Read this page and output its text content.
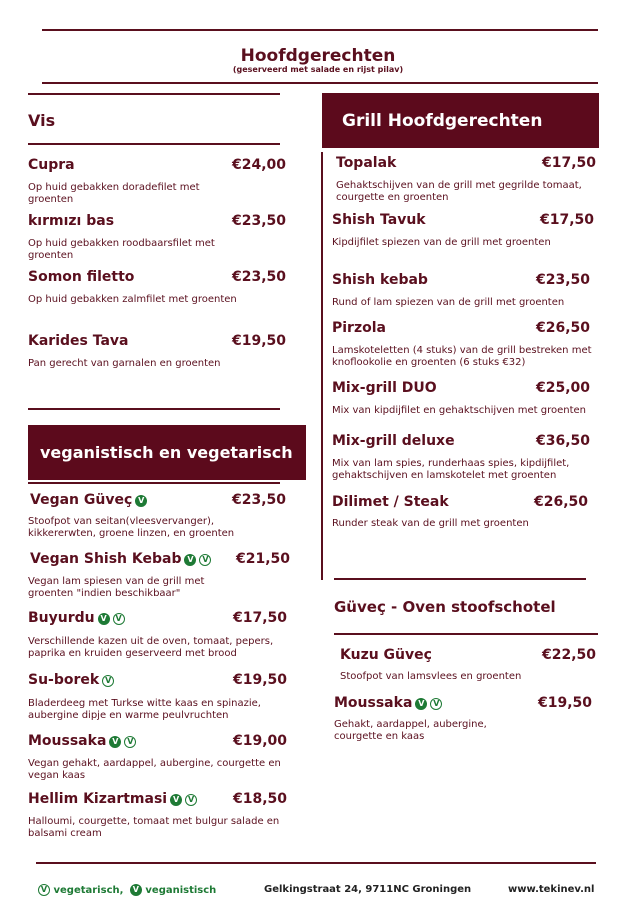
Hoofdgerechten
(geserveerd met salade en rijst pilav)
Vis
Cupra	€24,00
Op huid gebakken doradefilet met groenten
kırmızı bas	€23,50
Op huid gebakken roodbaarsfilet met groenten
Somon filetto	€23,50
Op huid gebakken zalmfilet met groenten
Karides Tava	€19,50
Pan gerecht van garnalen en groenten
Grill Hoofdgerechten
Topalak	€17,50
Gehaktschijven van de grill met gegrilde tomaat, courgette en groenten
Shish Tavuk	€17,50
Kipdijfilet spiezen van de grill met groenten
Shish kebab	€23,50
Rund of lam spiezen van de grill met groenten
Pirzola	€26,50
Lamskoteletten (4 stuks) van de grill bestreken met knoflookolie en groenten (6 stuks €32)
Mix-grill DUO	€25,00
Mix van kipdijfilet en gehaktschijven met groenten
Mix-grill deluxe	€36,50
Mix van lam spies, runderhaas spies, kipdijfilet, gehaktschijven en lamskotelet met groenten
Dilimet / Steak	€26,50
Runder steak van de grill met groenten
veganistisch en vegetarisch
Vegan Güveç V	€23,50
Stoofpot van seitan(vleesvervanger), kikkererwten, groene linzen, en groenten
Vegan Shish Kebab V V €21,50
Vegan lam spiesen van de grill met groenten "indien beschikbaar"
Buyurdu V V	€17,50
Verschillende kazen uit de oven, tomaat, pepers, paprika en kruiden geserveerd met brood
Su-borek V	€19,50
Bladerdeeg met Turkse witte kaas en spinazie, aubergine dipje en warme peulvruchten
Moussaka V V	€19,00
Vegan gehakt, aardappel, aubergine, courgette en vegan kaas
Hellim Kizartmasi V V	€18,50
Halloumi, courgette, tomaat met bulgur salade en balsami cream
Güveç - Oven stoofschotel
Kuzu Güveç	€22,50
Stoofpot van lamsvlees en groenten
Moussaka V V	€19,50
Gehakt, aardappel, aubergine, courgette en kaas
V vegetarisch, V veganistisch	Gelkingstraat 24, 9711NC Groningen	www.tekinev.nl
